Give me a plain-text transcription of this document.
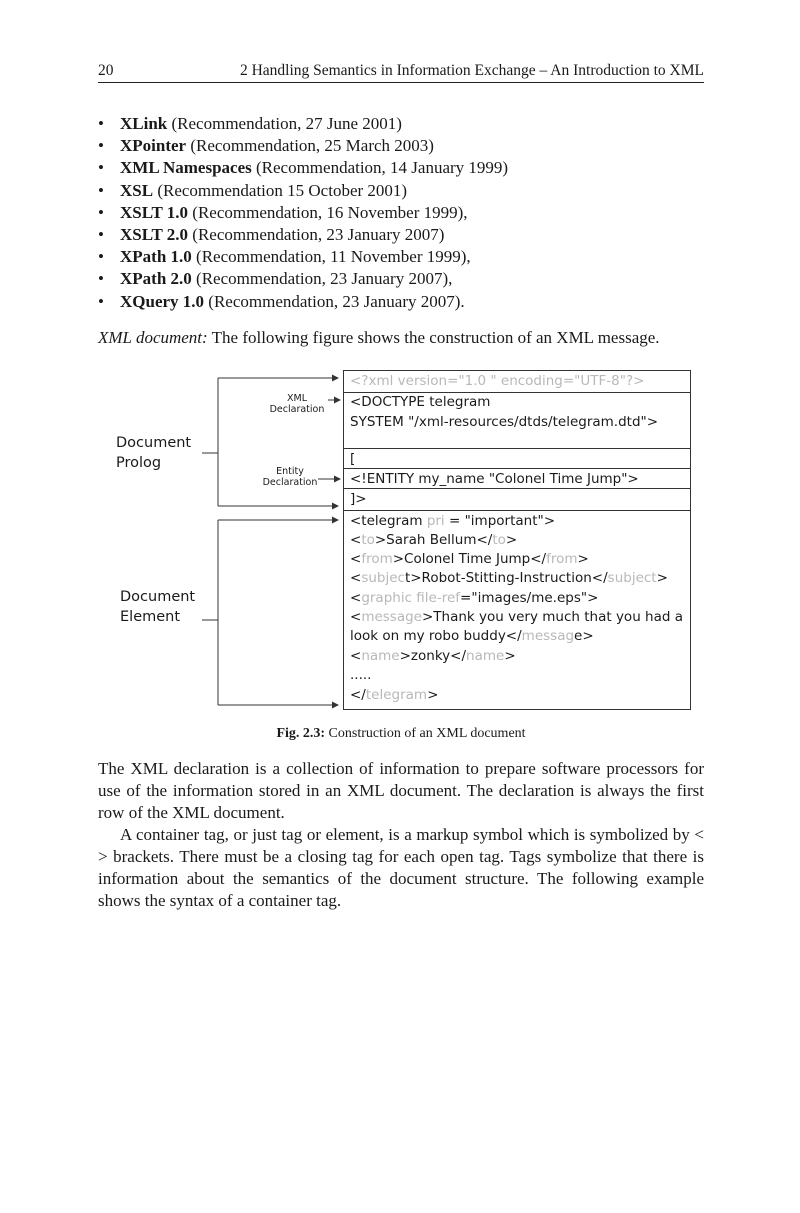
20	2 Handling Semantics in Information Exchange – An Introduction to XML
• XLink (Recommendation, 27 June 2001)
• XPointer (Recommendation, 25 March 2003)
• XML Namespaces (Recommendation, 14 January 1999)
• XSL (Recommendation 15 October 2001)
• XSLT 1.0 (Recommendation, 16 November 1999),
• XSLT 2.0 (Recommendation, 23 January 2007)
• XPath 1.0 (Recommendation, 11 November 1999),
• XPath 2.0 (Recommendation, 23 January 2007),
• XQuery 1.0 (Recommendation, 23 January 2007).

XML document: The following figure shows the construction of an XML message.

Document
Prolog
Document
Element
XML
Declaration
Entity
Declaration
<?xml version="1.0 " encoding="UTF-8"?>
<DOCTYPE telegram
SYSTEM "/xml-resources/dtds/telegram.dtd">
[
<!ENTITY my_name "Colonel Time Jump">
]>
<telegram pri = "important">
<to>Sarah Bellum</to>
<from>Colonel Time Jump</from>
<subject>Robot-Stitting-Instruction</subject>
<graphic file-ref="images/me.eps">
<message>Thank you very much that you had a
look on my robo buddy</message>
<name>zonky</name>
.....
</telegram>
Fig. 2.3: Construction of an XML document

The XML declaration is a collection of information to prepare software processors for use of the information stored in an XML document. The declaration is always the first row of the XML document.

A container tag, or just tag or element, is a markup symbol which is symbolized by < > brackets. There must be a closing tag for each open tag. Tags symbolize that there is information about the semantics of the document structure. The following example shows the syntax of a container tag.
